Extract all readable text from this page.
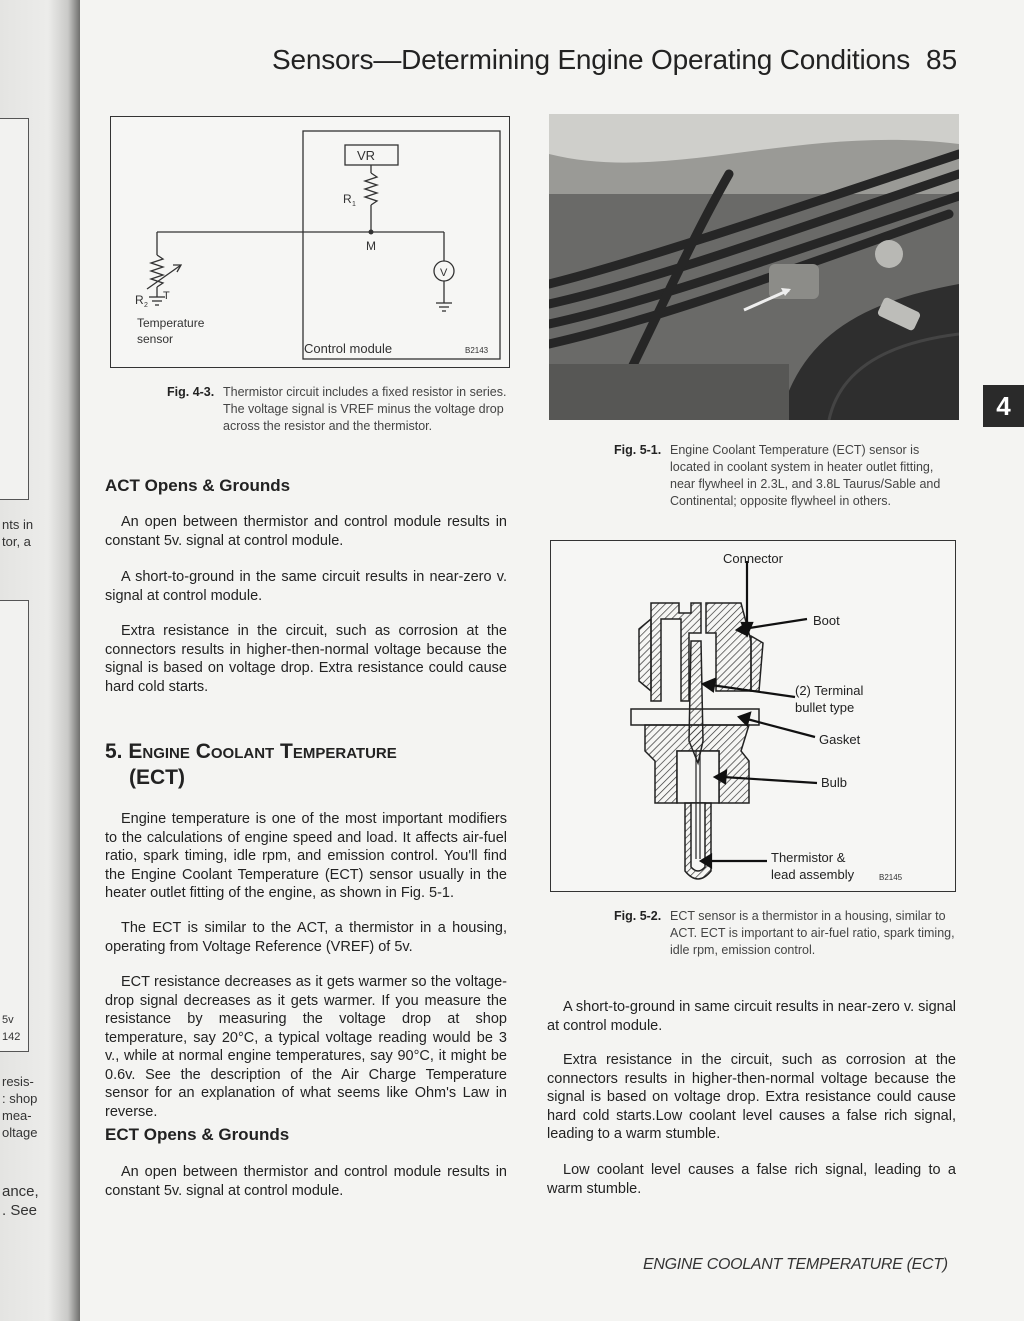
nts in
tor, a
5v
142
resis-
: shop
mea-
oltage
ance,
. See
Sensors—Determining Engine Operating Conditions 85
VR
R 1
M
V
R 2
T
Temperature
sensor
Control module	B2143
Fig. 4-3. Thermistor circuit includes a fixed resistor in series. The voltage signal is VREF minus the voltage drop across the resistor and the thermistor.
ACT Opens & Grounds
An open between thermistor and control module results in constant 5v. signal at control module.
A short-to-ground in the same circuit results in near-zero v. signal at control module.
Extra resistance in the circuit, such as corrosion at the connectors results in higher-then-normal voltage because the signal is based on voltage drop. Extra resistance could cause hard cold starts.
5. Engine Coolant Temperature
(ECT)
Engine temperature is one of the most important modifiers to the calculations of engine speed and load. It affects air-fuel ratio, spark timing, idle rpm, and emission control. You'll find the Engine Coolant Temperature (ECT) sensor usually in the heater outlet fitting of the engine, as shown in Fig. 5-1.
The ECT is similar to the ACT, a thermistor in a housing, operating from Voltage Reference (VREF) of 5v.
ECT resistance decreases as it gets warmer so the voltage-drop signal decreases as it gets warmer. If you measure the resistance by measuring the voltage drop at shop temperature, say 20°C, a typical voltage reading would be 3 v., while at normal engine temperatures, say 90°C, it might be 0.6v. See the description of the Air Charge Temperature sensor for an explanation of what seems like Ohm's Law in reverse.
ECT Opens & Grounds
An open between thermistor and control module results in constant 5v. signal at control module.
Fig. 5-1. Engine Coolant Temperature (ECT) sensor is located in coolant system in heater outlet fitting, near flywheel in 2.3L, and 3.8L Taurus/Sable and Continental; opposite flywheel in others.
4
Connector
Boot
(2) Terminal
bullet type
Gasket
Bulb
Thermistor &
lead assembly	B2145
Fig. 5-2. ECT sensor is a thermistor in a housing, similar to ACT. ECT is important to air-fuel ratio, spark timing, idle rpm, emission control.
A short-to-ground in same circuit results in near-zero v. signal at control module.
Extra resistance in the circuit, such as corrosion at the connectors results in higher-then-normal voltage because the signal is based on voltage drop. Extra resistance could cause hard cold starts.Low coolant level causes a false rich signal, leading to a warm stumble.
Low coolant level causes a false rich signal, leading to a warm stumble.
ENGINE COOLANT TEMPERATURE (ECT)
